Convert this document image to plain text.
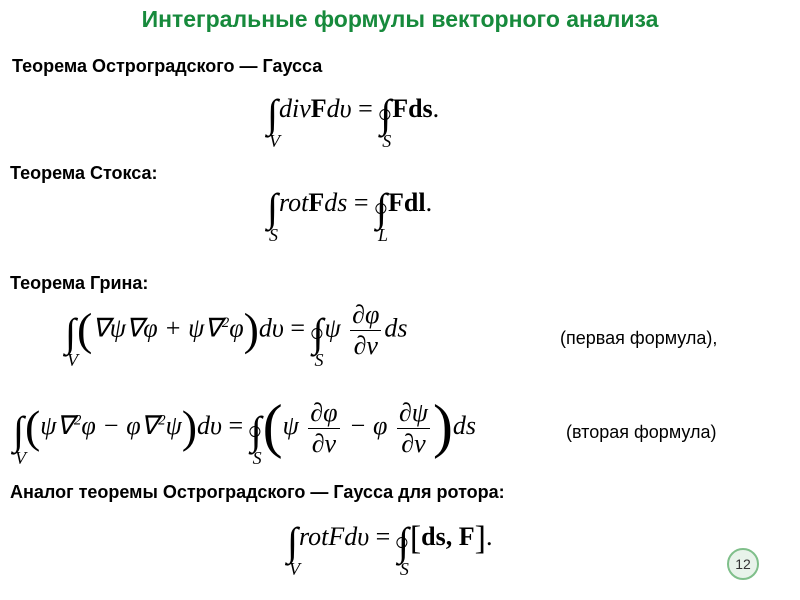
Интегральные формулы векторного анализа
Теорема Остроградского — Гаусса
∫
V
divFdυ = ∫
S
Fds.
Теорема Стокса:
∫
S
rotFds = ∫
L
Fdl.
Теорема Грина:
∫
V
(∇ψ∇φ + ψ∇$^2$φ)dυ = ∫
S
ψ $\frac{\partial\varphi}{\partial\nu}$ ds	(первая формула),
∫
V
(ψ∇$^2$φ − φ∇$^2$ψ)dυ = ∫
S $(\psi \frac{\partial\varphi}{\partial\nu} - \varphi \frac{\partial\psi}{\partial\nu} )ds$	(вторая формула)
Аналог теоремы Остроградского — Гаусса для ротора:
∫
V
rotFdυ = ∫
S
[ds, F].
12
